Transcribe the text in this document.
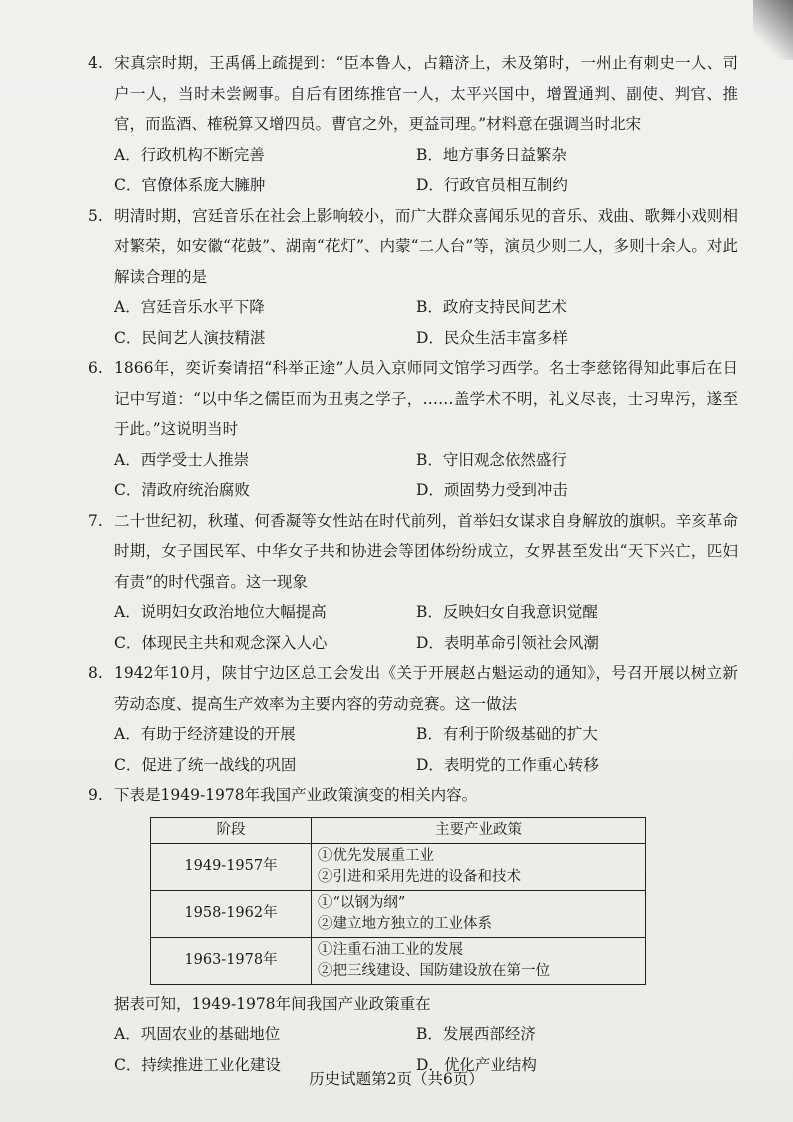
4. 宋真宗时期，王禹偁上疏提到：“臣本鲁人，占籍济上，未及第时，一州止有刺史一人、司户一人，当时未尝阙事。自后有团练推官一人，太平兴国中，增置通判、副使、判官、推官，而监酒、榷税算又增四员。曹官之外，更益司理。”材料意在强调当时北宋

A．行政机构不断完善	B．地方事务日益繁杂
C．官僚体系庞大臃肿	D．行政官员相互制约

5. 明清时期，宫廷音乐在社会上影响较小，而广大群众喜闻乐见的音乐、戏曲、歌舞小戏则相对繁荣，如安徽“花鼓”、湖南“花灯”、内蒙“二人台”等，演员少则二人，多则十余人。对此解读合理的是

A．宫廷音乐水平下降	B．政府支持民间艺术
C．民间艺人演技精湛	D．民众生活丰富多样

6. 1866年，奕䜣奏请招“科举正途”人员入京师同文馆学习西学。名士李慈铭得知此事后在日记中写道：“以中华之儒臣而为丑夷之学子，……盖学术不明，礼义尽丧，士习卑污，遂至于此。”这说明当时

A．西学受士人推崇	B．守旧观念依然盛行
C．清政府统治腐败	D．顽固势力受到冲击

7. 二十世纪初，秋瑾、何香凝等女性站在时代前列，首举妇女谋求自身解放的旗帜。辛亥革命时期，女子国民军、中华女子共和协进会等团体纷纷成立，女界甚至发出“天下兴亡，匹妇有责”的时代强音。这一现象

A．说明妇女政治地位大幅提高	B．反映妇女自我意识觉醒
C．体现民主共和观念深入人心	D．表明革命引领社会风潮

8. 1942年10月，陕甘宁边区总工会发出《关于开展赵占魁运动的通知》，号召开展以树立新劳动态度、提高生产效率为主要内容的劳动竞赛。这一做法

A．有助于经济建设的开展	B．有利于阶级基础的扩大
C．促进了统一战线的巩固	D．表明党的工作重心转移

9. 下表是1949-1978年我国产业政策演变的相关内容。

阶段	主要产业政策
1949-1957年	①优先发展重工业
②引进和采用先进的设备和技术

1958-1962年	①“以钢为纲”
②建立地方独立的工业体系

1963-1978年	①注重石油工业的发展
②把三线建设、国防建设放在第一位

据表可知，1949-1978年间我国产业政策重在

A．巩固农业的基础地位	B．发展西部经济
C．持续推进工业化建设	D．优化产业结构
历史试题第2页（共6页）
